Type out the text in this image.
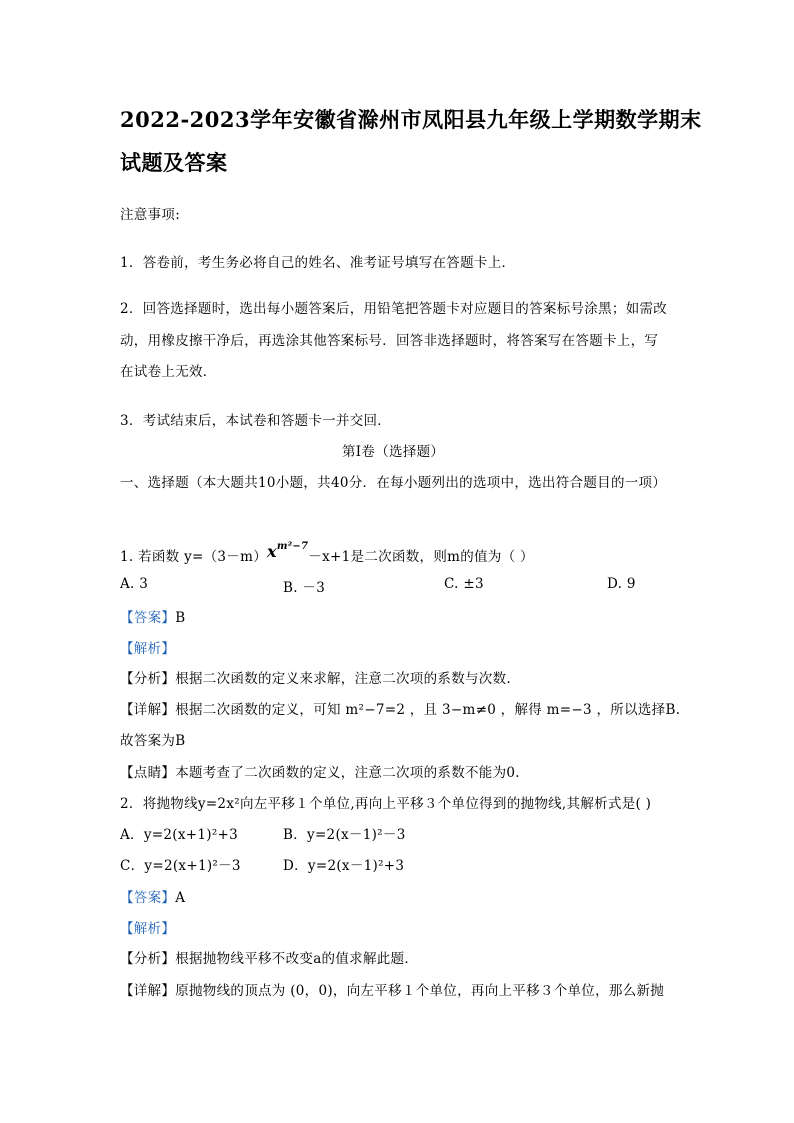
2022-2023学年安徽省滁州市凤阳县九年级上学期数学期末
试题及答案
注意事项:
1．答卷前，考生务必将自己的姓名、准考证号填写在答题卡上．
2．回答选择题时，选出每小题答案后，用铅笔把答题卡对应题目的答案标号涂黑；如需改
动，用橡皮擦干净后，再选涂其他答案标号．回答非选择题时，将答案写在答题卡上，写
在试卷上无效．
3．考试结束后，本试卷和答题卡一并交回．
第Ⅰ卷（选择题）
一、选择题（本大题共10小题，共40分．在每小题列出的选项中，选出符合题目的一项）
1. 若函数 $y=(3-m)x^{m^2-7}-x+1$是二次函数，则m的值为（ ）
A. 3	B. －3	C. ±3	D. 9
【答案】B
【解析】
【分析】根据二次函数的定义来求解，注意二次项的系数与次数.
【详解】根据二次函数的定义，可知 m²−7=2 ，且 3−m≠0 ，解得 m=−3 ，所以选择B.
故答案为B
【点睛】本题考查了二次函数的定义，注意二次项的系数不能为0.
2．将抛物线y=2x²向左平移１个单位,再向上平移３个单位得到的抛物线,其解析式是( )
A．y=2(x+1)²+3	B．y=2(x－1)²－3
C．y=2(x+1)²－3	D．y=2(x－1)²+3
【答案】A
【解析】
【分析】根据抛物线平移不改变a的值求解此题．
【详解】原抛物线的顶点为 (0，0)，向左平移１个单位，再向上平移３个单位，那么新抛
